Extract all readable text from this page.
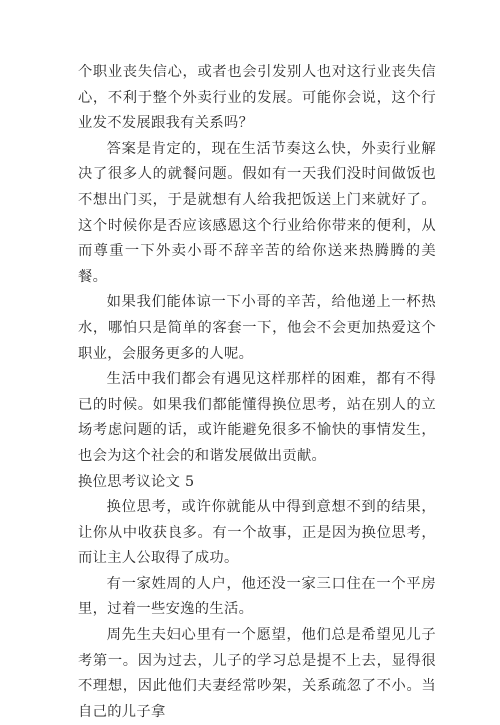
个职业丧失信心，或者也会引发别人也对这行业丧失信心，不利于整个外卖行业的发展。可能你会说，这个行业发不发展跟我有关系吗？

答案是肯定的，现在生活节奏这么快，外卖行业解决了很多人的就餐问题。假如有一天我们没时间做饭也不想出门买，于是就想有人给我把饭送上门来就好了。这个时候你是否应该感恩这个行业给你带来的便利，从而尊重一下外卖小哥不辞辛苦的给你送来热腾腾的美餐。

如果我们能体谅一下小哥的辛苦，给他递上一杯热水，哪怕只是简单的客套一下，他会不会更加热爱这个职业，会服务更多的人呢。

生活中我们都会有遇见这样那样的困难，都有不得已的时候。如果我们都能懂得换位思考，站在别人的立场考虑问题的话，或许能避免很多不愉快的事情发生，也会为这个社会的和谐发展做出贡献。

换位思考议论文 5

换位思考，或许你就能从中得到意想不到的结果，让你从中收获良多。有一个故事，正是因为换位思考，而让主人公取得了成功。

有一家姓周的人户，他还没一家三口住在一个平房里，过着一些安逸的生活。

周先生夫妇心里有一个愿望，他们总是希望见儿子考第一。因为过去，儿子的学习总是提不上去，显得很不理想，因此他们夫妻经常吵架，关系疏忽了不小。当自己的儿子拿
